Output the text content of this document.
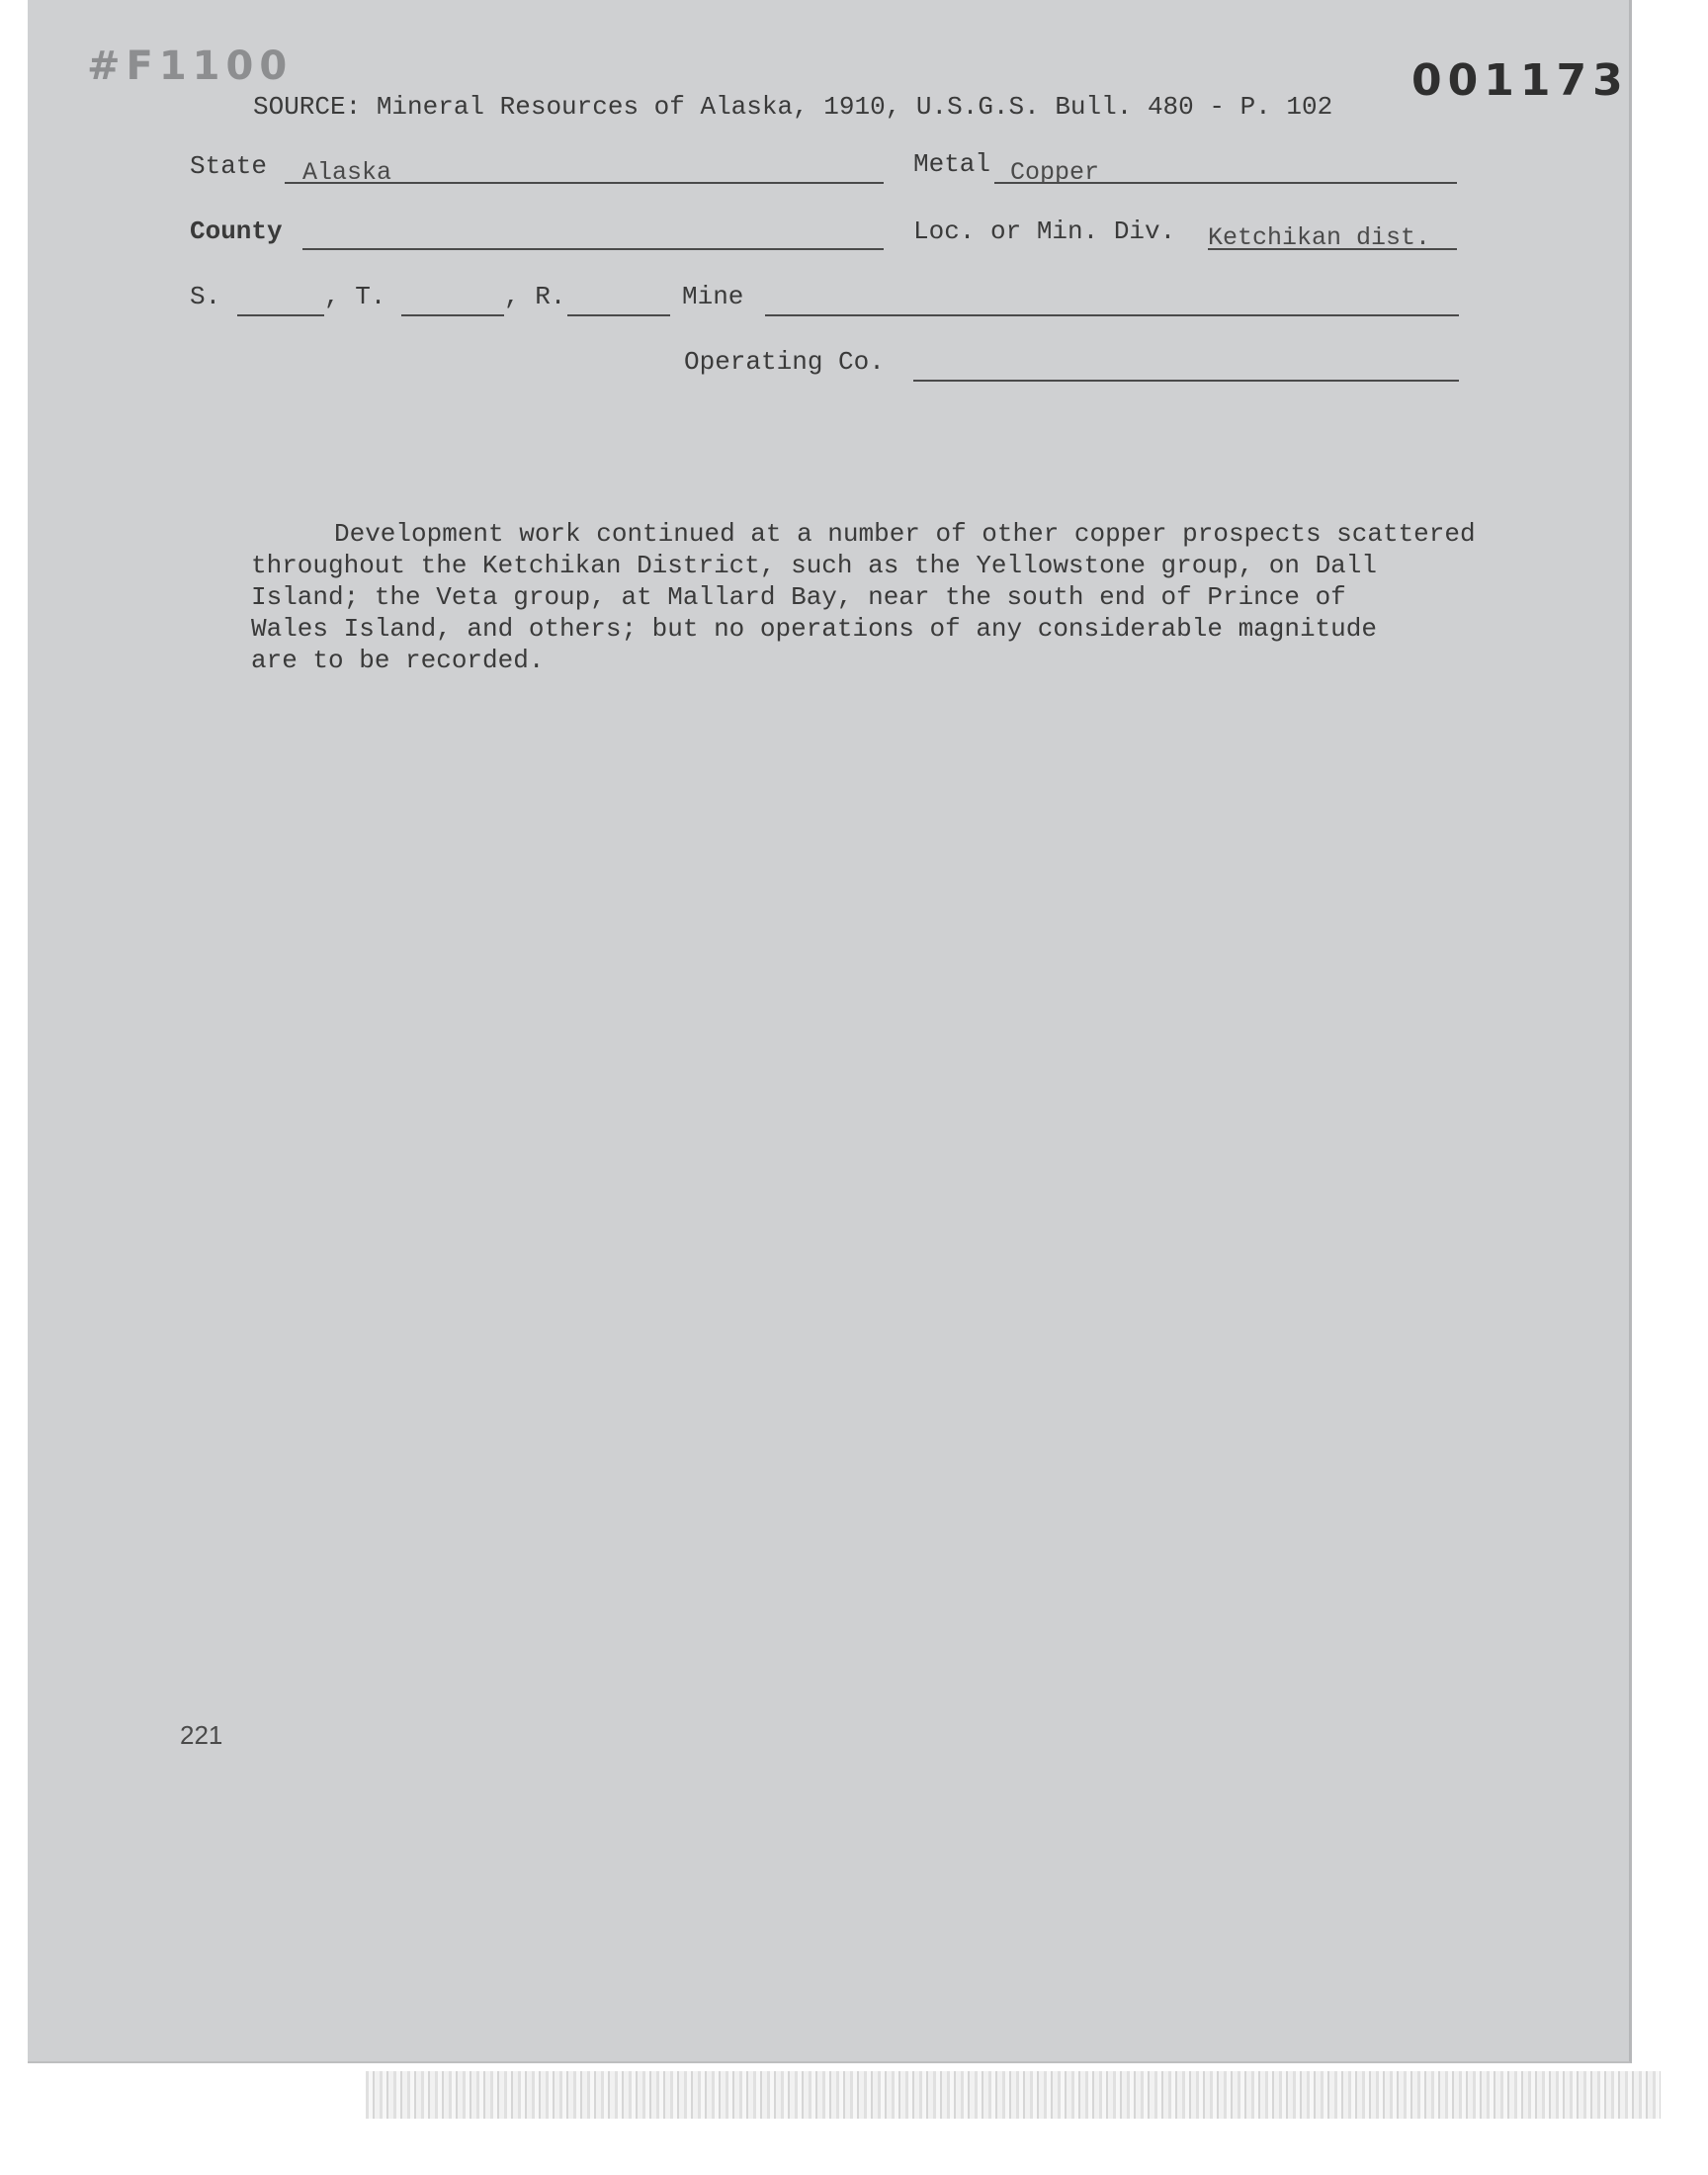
#F1100	001173
SOURCE: Mineral Resources of Alaska, 1910, U.S.G.S. Bull. 480 - P. 102
State Alaska	Metal Copper
County	Loc. or Min. Div. Ketchikan dist.
S.	, T.	, R.	Mine
Operating Co.
Development work continued at a number of other copper prospects scattered
throughout the Ketchikan District, such as the Yellowstone group, on Dall
Island; the Veta group, at Mallard Bay, near the south end of Prince of
Wales Island, and others; but no operations of any considerable magnitude
are to be recorded.
221
